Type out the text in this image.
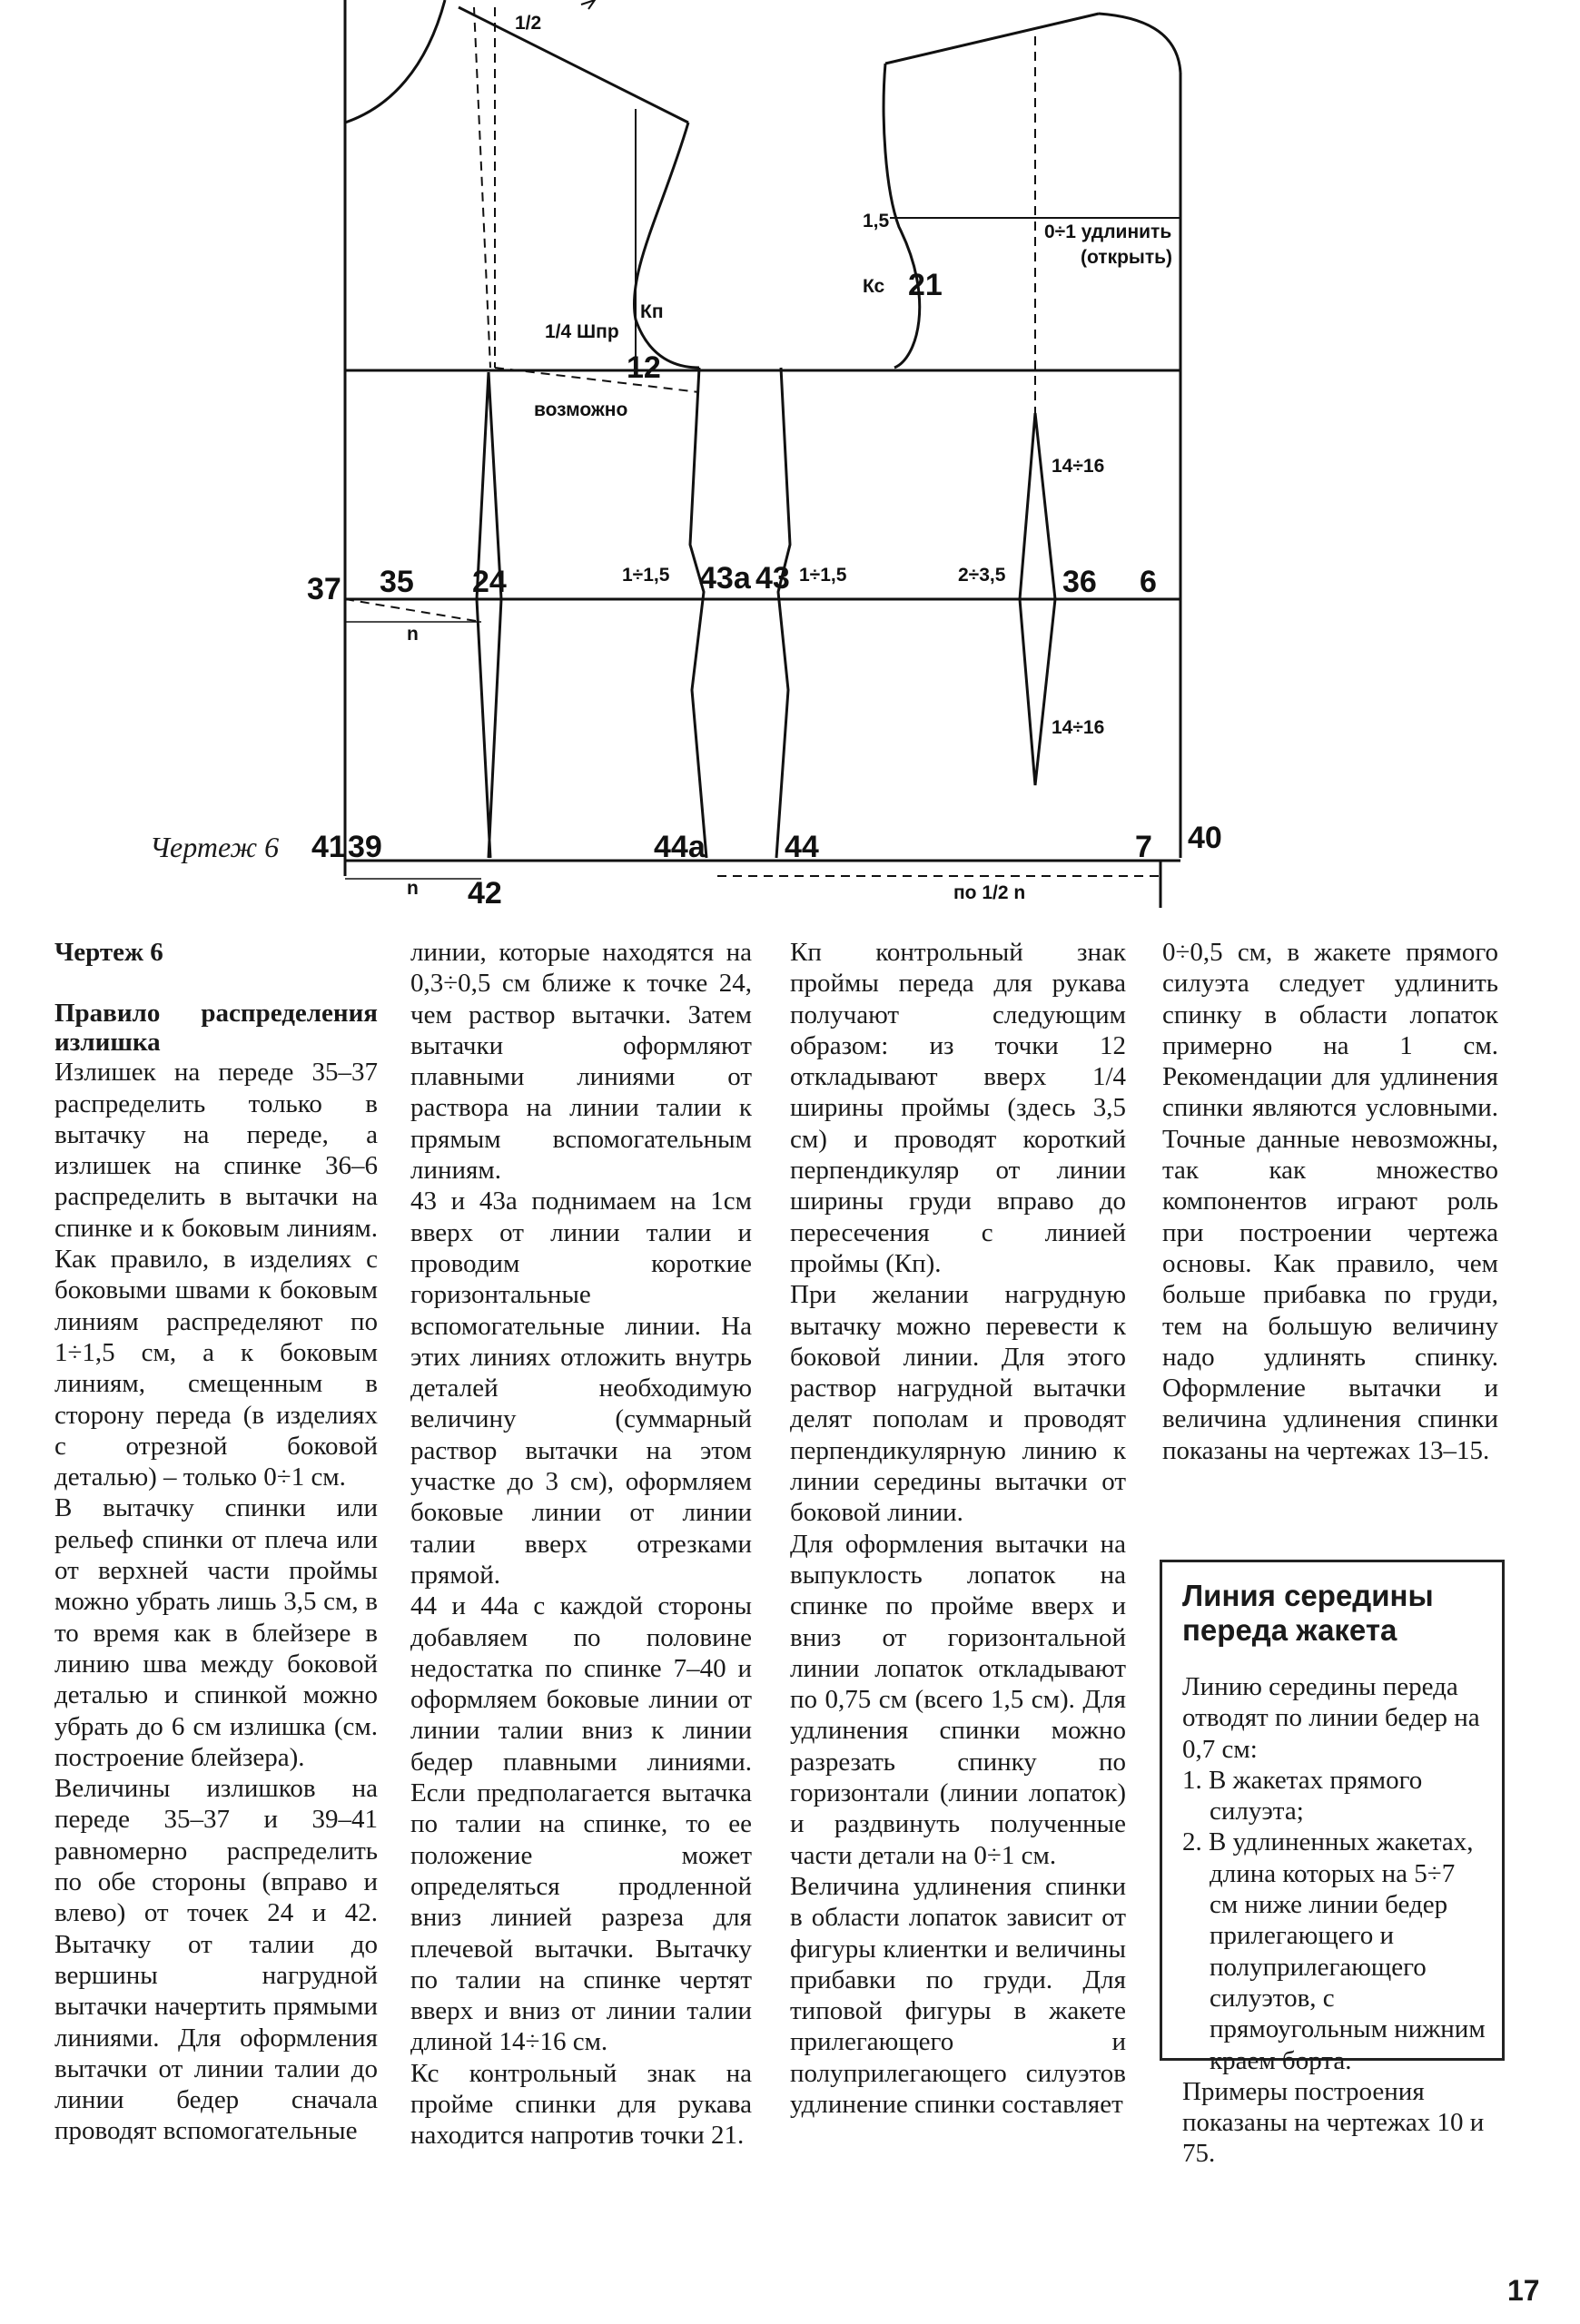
1/2
Кп
1/4 Шпр
12
возможно
0÷1 удлинить
(открыть)
1,5
Кс 21
14÷16
14÷16
37 35 24	1÷1,5 43а 43 1÷1,5	2÷3,5 36 6
n
41 39	44а	44	7 40
n 42	по 1/2 n
Чертеж 6

Чертеж 6

Правило распределения излишка

Излишек на переде 35–37 распределить только в вытачку на переде, а излишек на спинке 36–6 распределить в вытачки на спинке и к боковым линиям. Как правило, в изделиях с боковыми швами к боковым линиям распределяют по 1÷1,5 см, а к боковым линиям, смещенным в сторону переда (в изделиях с отрезной боковой деталью) – только 0÷1 см.

В вытачку спинки или рельеф спинки от плеча или от верхней части проймы можно убрать лишь 3,5 см, в то время как в блейзере в линию шва между боковой деталью и спинкой можно убрать до 6 см излишка (см. построение блейзера).

Величины излишков на переде 35–37 и 39–41 равномерно распределить по обе стороны (вправо и влево) от точек 24 и 42. Вытачку от талии до вершины нагрудной вытачки начертить прямыми линиями. Для оформления вытачки от линии талии до линии бедер сначала проводят вспомогательные

линии, которые находятся на 0,3÷0,5 см ближе к точке 24, чем раствор вытачки. Затем вытачки оформляют плавными линиями от раствора на линии талии к прямым вспомогательным линиям.

43 и 43а поднимаем на 1см вверх от линии талии и проводим короткие горизонтальные вспомогательные линии. На этих линиях отложить внутрь деталей необходимую величину (суммарный раствор вытачки на этом участке до 3 см), оформляем боковые линии от линии талии вверх отрезками прямой.

44 и 44а с каждой стороны добавляем по половине недостатка по спинке 7–40 и оформляем боковые линии от линии талии вниз к линии бедер плавными линиями. Если предполагается вытачка по талии на спинке, то ее положение может определяться продленной вниз линией разреза для плечевой вытачки. Вытачку по талии на спинке чертят вверх и вниз от линии талии длиной 14÷16 см.

Кс контрольный знак на пройме спинки для рукава находится напротив точки 21.

Кп контрольный знак проймы переда для рукава получают следующим образом: из точки 12 откладывают вверх 1/4 ширины проймы (здесь 3,5 см) и проводят короткий перпендикуляр от линии ширины груди вправо до пересечения с линией проймы (Кп).

При желании нагрудную вытачку можно перевести к боковой линии. Для этого раствор нагрудной вытачки делят пополам и проводят перпендикулярную линию к линии середины вытачки от боковой линии.

Для оформления вытачки на выпуклость лопаток на спинке по пройме вверх и вниз от горизонтальной линии лопаток откладывают по 0,75 см (всего 1,5 см). Для удлинения спинки можно разрезать спинку по горизонтали (линии лопаток) и раздвинуть полученные части детали на 0÷1 см.

Величина удлинения спинки в области лопаток зависит от фигуры клиентки и величины прибавки по груди. Для типовой фигуры в жакете прилегающего и полуприлегающего силуэтов удлинение спинки составляет

0÷0,5 см, в жакете прямого силуэта следует удлинить спинку в области лопаток примерно на 1 см. Рекомендации для удлинения спинки являются условными. Точные данные невозможны, так как множество компонентов играют роль при построении чертежа основы. Как правило, чем больше прибавка по груди, тем на большую величину надо удлинять спинку. Оформление вытачки и величина удлинения спинки показаны на чертежах 13–15.

Линия середины переда жакета

Линию середины переда отводят по линии бедер на 0,7 см:

1. В жакетах прямого силуэта;
2. В удлиненных жакетах, длина которых на 5÷7 см ниже линии бедер прилегающего и полуприлегающего силуэтов, с прямоугольным нижним краем борта.

Примеры построения показаны на чертежах 10 и 75.

17
